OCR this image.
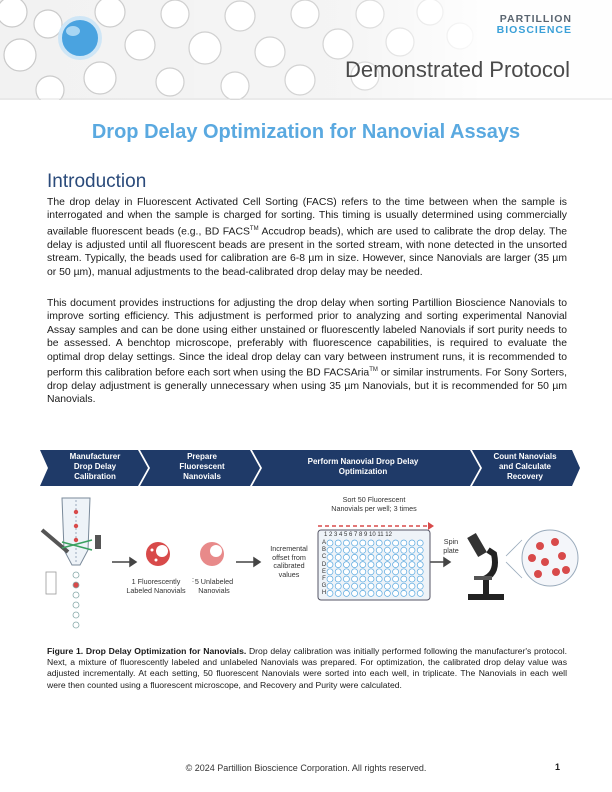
PARTILLION
BIOSCIENCE
Demonstrated Protocol
Drop Delay Optimization for Nanovial Assays
Introduction

The drop delay in Fluorescent Activated Cell Sorting (FACS) refers to the time between when the sample is interrogated and when the sample is charged for sorting. This timing is usually determined using commercially available fluorescent beads (e.g., BD FACS™ Accudrop beads), which are used to calibrate the drop delay. The delay is adjusted until all fluorescent beads are present in the sorted stream, with none detected in the unsorted stream. Typically, the beads used for calibration are 6-8 µm in size. However, since Nanovials are larger (35 µm or 50 µm), manual adjustments to the bead-calibrated drop delay may be needed.

This document provides instructions for adjusting the drop delay when sorting Partillion Bioscience Nanovials to improve sorting efficiency. This adjustment is performed prior to analyzing and sorting experimental Nanovial Assay samples and can be done using either unstained or fluorescently labeled Nanovials if sort purity needs to be assessed. A benchtop microscope, preferably with fluorescence capabilities, is required to evaluate the optimal drop delay settings. Since the ideal drop delay can vary between instrument runs, it is recommended to perform this calibration before each sort when using the BD FACSAria™ or similar instruments. For Sony Sorters, drop delay adjustment is generally unnecessary when using 35 µm Nanovials, but it is recommended for 50 µm Nanovials.

Manufacturer
Drop Delay
Calibration
Prepare
Fluorescent
Nanovials
Perform Nanovial Drop Delay
Optimization
Count Nanovials
and Calculate
Recovery
1 Fluorescently
Labeled Nanovials
: 5 Unlabeled
Nanovials
Incremental
offset from
calibrated
values
Sort 50 Fluorescent
Nanovials per well; 3 times
1 2 3 4 5 6 7 8 9 10 11 12
Spin
plate
A
B
C
D
E
F
G
H

Figure 1. Drop Delay Optimization for Nanovials. Drop delay calibration was initially performed following the manufacturer's protocol. Next, a mixture of fluorescently labeled and unlabeled Nanovials was prepared. For optimization, the calibrated drop delay value was adjusted incrementally. At each setting, 50 fluorescent Nanovials were sorted into each well, in triplicate. The Nanovials in each well were then counted using a fluorescent microscope, and Recovery and Purity were calculated.

© 2024 Partillion Bioscience Corporation. All rights reserved.	1
